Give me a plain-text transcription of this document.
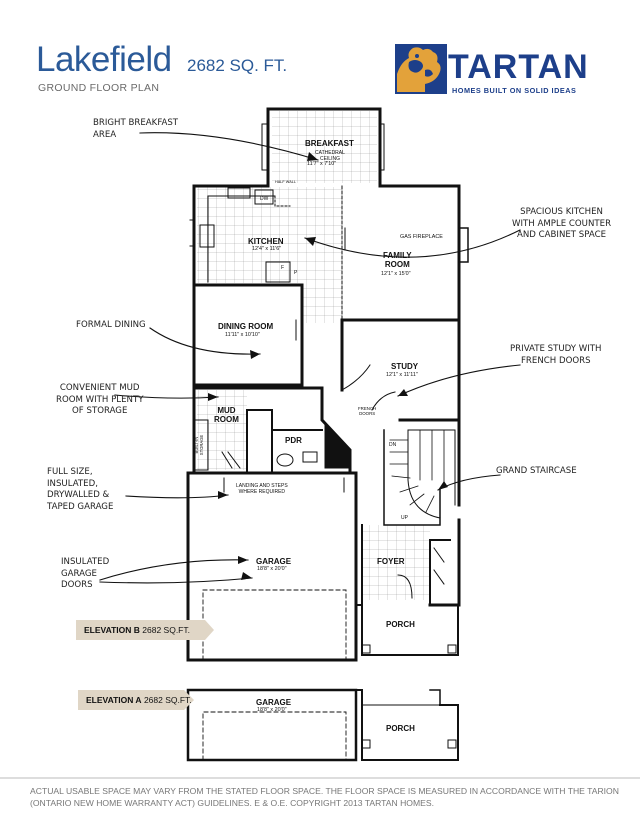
Lakefield 2682 SQ. FT.
GROUND FLOOR PLAN
TARTAN
HOMES BUILT ON SOLID IDEAS
BRIGHT BREAKFAST
AREA
FORMAL DINING
CONVENIENT MUD
ROOM WITH PLENTY
OF STORAGE
FULL SIZE,
INSULATED,
DRYWALLED &
TAPED GARAGE
INSULATED
GARAGE
DOORS
SPACIOUS KITCHEN
WITH AMPLE COUNTER
AND CABINET SPACE
PRIVATE STUDY WITH
FRENCH DOORS
GRAND STAIRCASE
BREAKFAST
CATHEDRAL
CEILING
11'7" x 7'10"
HALF WALL
KITCHEN
12'4" x 11'6"
DW
F
P
GAS FIREPLACE
FAMILY
ROOM
12'1" x 15'0"
DINING ROOM
11'11" x 10'10"
STUDY
12'1" x 11'11"
FRENCH
DOORS
MUD
ROOM
PDR
BUILT-IN
STORAGE	DN
UP
LANDING AND STEPS
WHERE REQUIRED
GARAGE
18'8" x 20'0"
FOYER
PORCH
ELEVATION B 2682 SQ.FT.
ELEVATION A 2682 SQ.FT.	GARAGE
18'8" x 20'0"
PORCH
ACTUAL USABLE SPACE MAY VARY FROM THE STATED FLOOR SPACE. THE FLOOR SPACE IS MEASURED IN ACCORDANCE WITH THE TARION (ONTARIO NEW HOME WARRANTY ACT) GUIDELINES. E & O.E. COPYRIGHT 2013 TARTAN HOMES.
